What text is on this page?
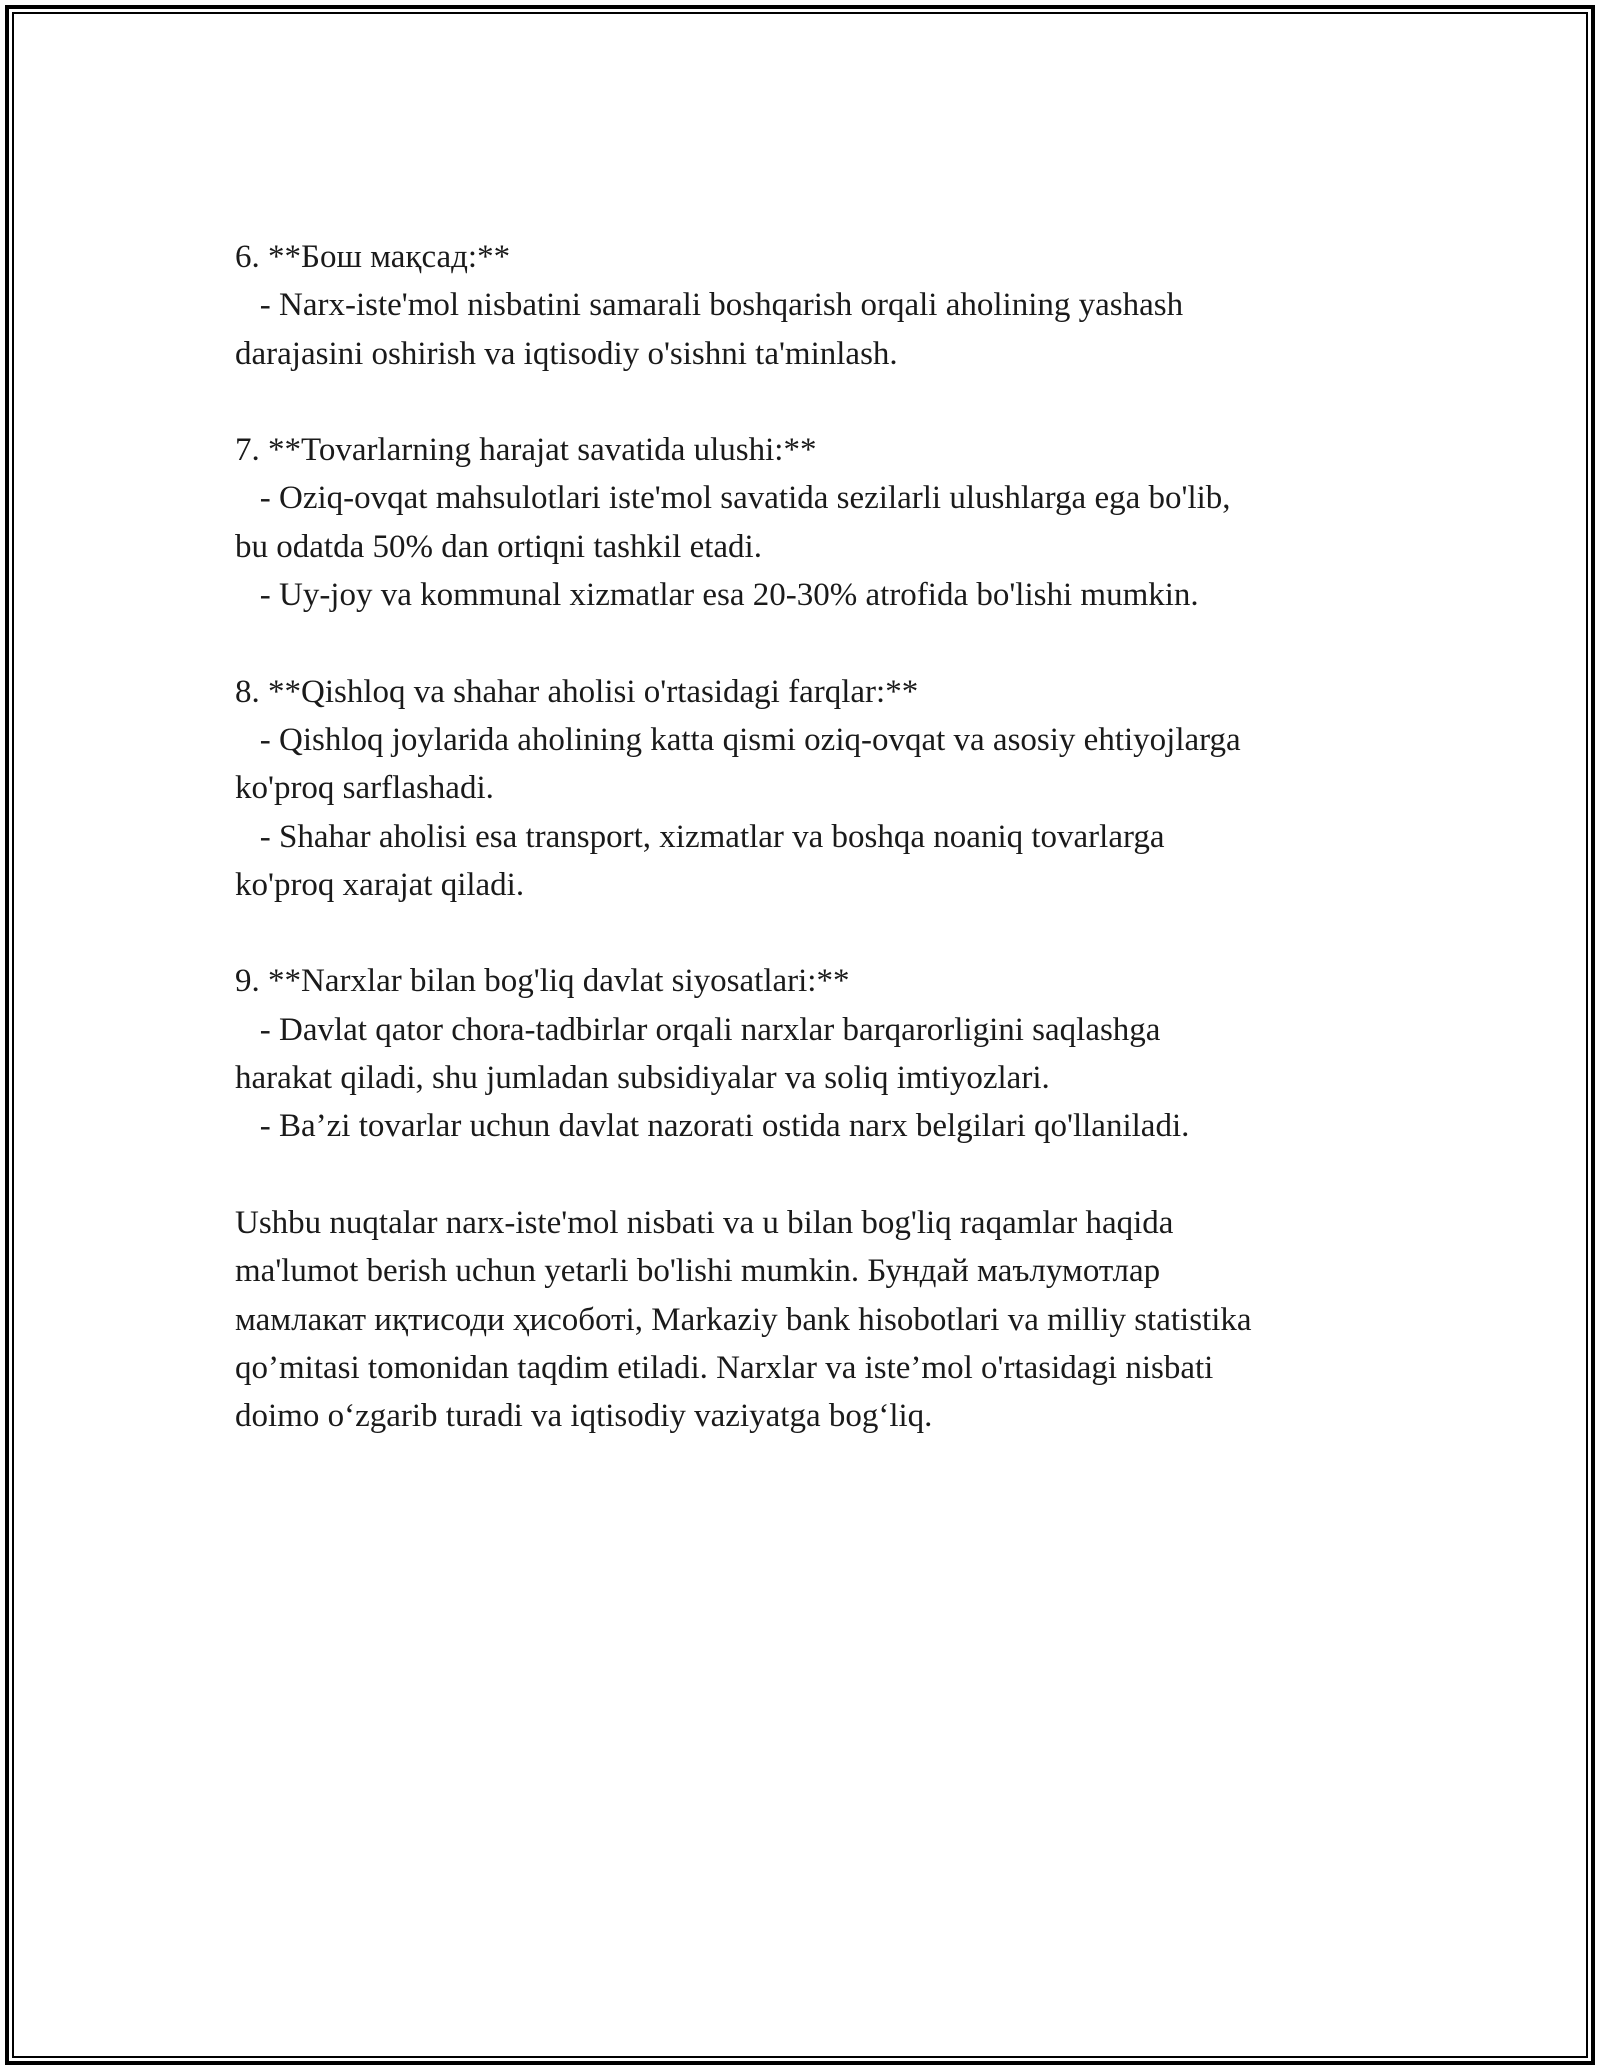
6. **Бош мақсад:**
- Narx-iste'mol nisbatini samarali boshqarish orqali aholining yashash
darajasini oshirish va iqtisodiy o'sishni ta'minlash.
7. **Tovarlarning harajat savatida ulushi:**
- Oziq-ovqat mahsulotlari iste'mol savatida sezilarli ulushlarga ega bo'lib,
bu odatda 50% dan ortiqni tashkil etadi.
- Uy-joy va kommunal xizmatlar esa 20-30% atrofida bo'lishi mumkin.
8. **Qishloq va shahar aholisi o'rtasidagi farqlar:**
- Qishloq joylarida aholining katta qismi oziq-ovqat va asosiy ehtiyojlarga
ko'proq sarflashadi.
- Shahar aholisi esa transport, xizmatlar va boshqa noaniq tovarlarga
ko'proq xarajat qiladi.
9. **Narxlar bilan bog'liq davlat siyosatlari:**
- Davlat qator chora-tadbirlar orqali narxlar barqarorligini saqlashga
harakat qiladi, shu jumladan subsidiyalar va soliq imtiyozlari.
- Ba’zi tovarlar uchun davlat nazorati ostida narx belgilari qo'llaniladi.
Ushbu nuqtalar narx-iste'mol nisbati va u bilan bog'liq raqamlar haqida
ma'lumot berish uchun yetarli bo'lishi mumkin. Бундай маълумотлар
мамлакат иқтисоди ҳисоботi, Markaziy bank hisobotlari va milliy statistika
qo’mitasi tomonidan taqdim etiladi. Narxlar va iste’mol o'rtasidagi nisbati
doimo o‘zgarib turadi va iqtisodiy vaziyatga bog‘liq.
